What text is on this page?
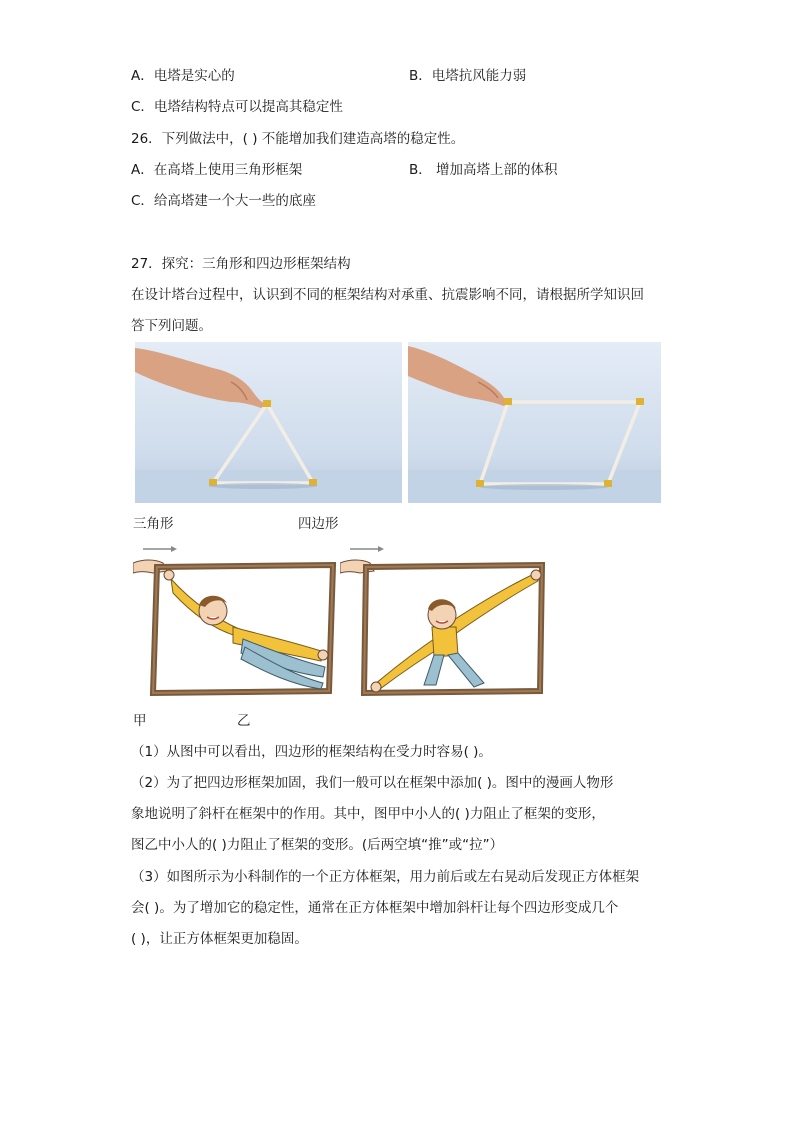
A．电塔是实心的	B．电塔抗风能力弱
C．电塔结构特点可以提高其稳定性
26．下列做法中，( ) 不能增加我们建造高塔的稳定性。
A．在高塔上使用三角形框架	B． 增加高塔上部的体积
C．给高塔建一个大一些的底座
27．探究：三角形和四边形框架结构
在设计塔台过程中，认识到不同的框架结构对承重、抗震影响不同，请根据所学知识回
答下列问题。
三角形	四边形
甲	乙
（1）从图中可以看出，四边形的框架结构在受力时容易( )。
（2）为了把四边形框架加固，我们一般可以在框架中添加( )。图中的漫画人物形
象地说明了斜杆在框架中的作用。其中，图甲中小人的( )力阻止了框架的变形，
图乙中小人的( )力阻止了框架的变形。(后两空填“推”或“拉”）
（3）如图所示为小科制作的一个正方体框架，用力前后或左右晃动后发现正方体框架
会( )。为了增加它的稳定性，通常在正方体框架中增加斜杆让每个四边形变成几个
( )，让正方体框架更加稳固。
